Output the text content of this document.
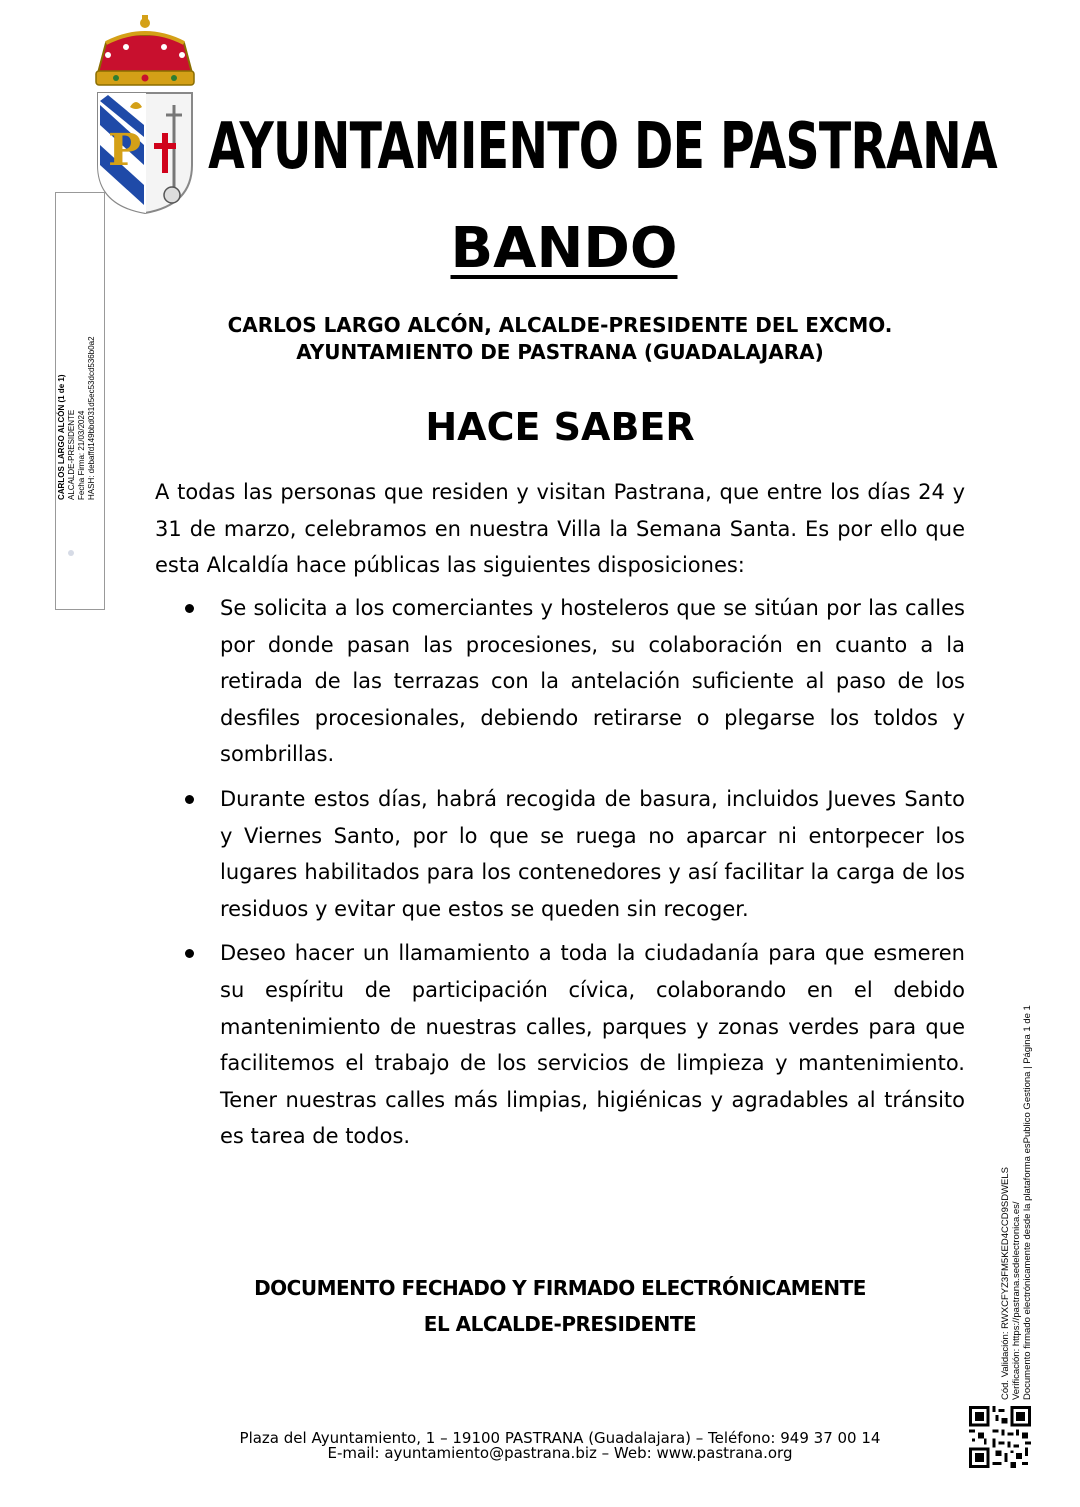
P
CARLOS LARGO ALCÓN (1 de 1) ALCALDE-PRESIDENTE Fecha Firma: 21/03/2024 HASH: debaffd149bbd031d5ec53dcd536b0a2
AYUNTAMIENTO DE PASTRANA
BANDO
CARLOS LARGO ALCÓN, ALCALDE-PRESIDENTE DEL EXCMO.
AYUNTAMIENTO DE PASTRANA (GUADALAJARA)
HACE SABER
A todas las personas que residen y visitan Pastrana, que entre los días 24 y 31 de marzo, celebramos en nuestra Villa la Semana Santa. Es por ello que esta Alcaldía hace públicas las siguientes disposiciones:
Se solicita a los comerciantes y hosteleros que se sitúan por las calles por donde pasan las procesiones, su colaboración en cuanto a la retirada de las terrazas con la antelación suficiente al paso de los desfiles procesionales, debiendo retirarse o plegarse los toldos y sombrillas.
Durante estos días, habrá recogida de basura, incluidos Jueves Santo y Viernes Santo, por lo que se ruega no aparcar ni entorpecer los lugares habilitados para los contenedores y así facilitar la carga de los residuos y evitar que estos se queden sin recoger.
Deseo hacer un llamamiento a toda la ciudadanía para que esmeren su espíritu de participación cívica, colaborando en el debido mantenimiento de nuestras calles, parques y zonas verdes para que facilitemos el trabajo de los servicios de limpieza y mantenimiento. Tener nuestras calles más limpias, higiénicas y agradables al tránsito es tarea de todos.
DOCUMENTO FECHADO Y FIRMADO ELECTRÓNICAMENTE
EL ALCALDE-PRESIDENTE
Plaza del Ayuntamiento, 1 – 19100 PASTRANA (Guadalajara) – Teléfono: 949 37 00 14
E-mail: ayuntamiento@pastrana.biz – Web: www.pastrana.org
Cód. Validación: RWXCFYZ3FM5KED4CCD9SDWELS Verificación: https://pastrana.sedelectronica.es/ Documento firmado electrónicamente desde la plataforma esPublico Gestiona | Página 1 de 1
